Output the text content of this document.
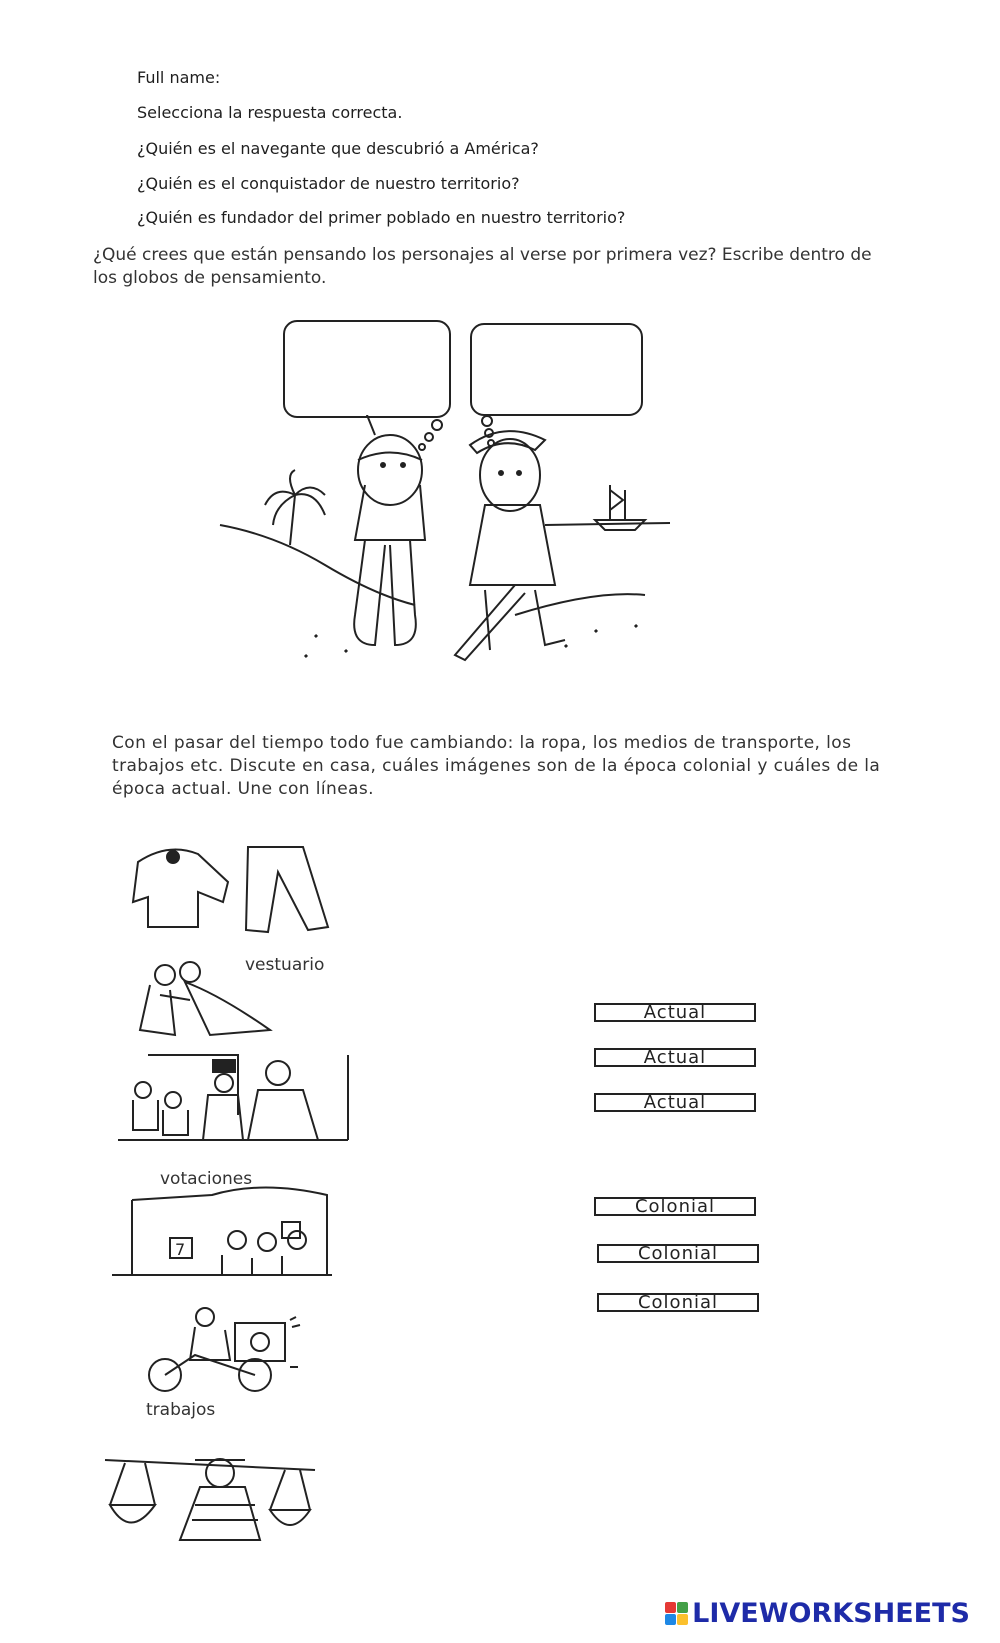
Full name:
Selecciona la respuesta correcta.
¿Quién es el navegante que descubrió a América?
¿Quién es el conquistador de nuestro territorio?
¿Quién es fundador del primer poblado en nuestro territorio?
¿Qué crees que están pensando los personajes al verse por primera vez? Escribe dentro de los globos de pensamiento.
Con el pasar del tiempo todo fue cambiando: la ropa, los medios de transporte, los trabajos etc. Discute en casa, cuáles imágenes son de la época colonial y cuáles de la época actual. Une con líneas.
vestuario
votaciones
7
trabajos
Actual
Actual
Actual
Colonial
Colonial
Colonial
LIVEWORKSHEETS
